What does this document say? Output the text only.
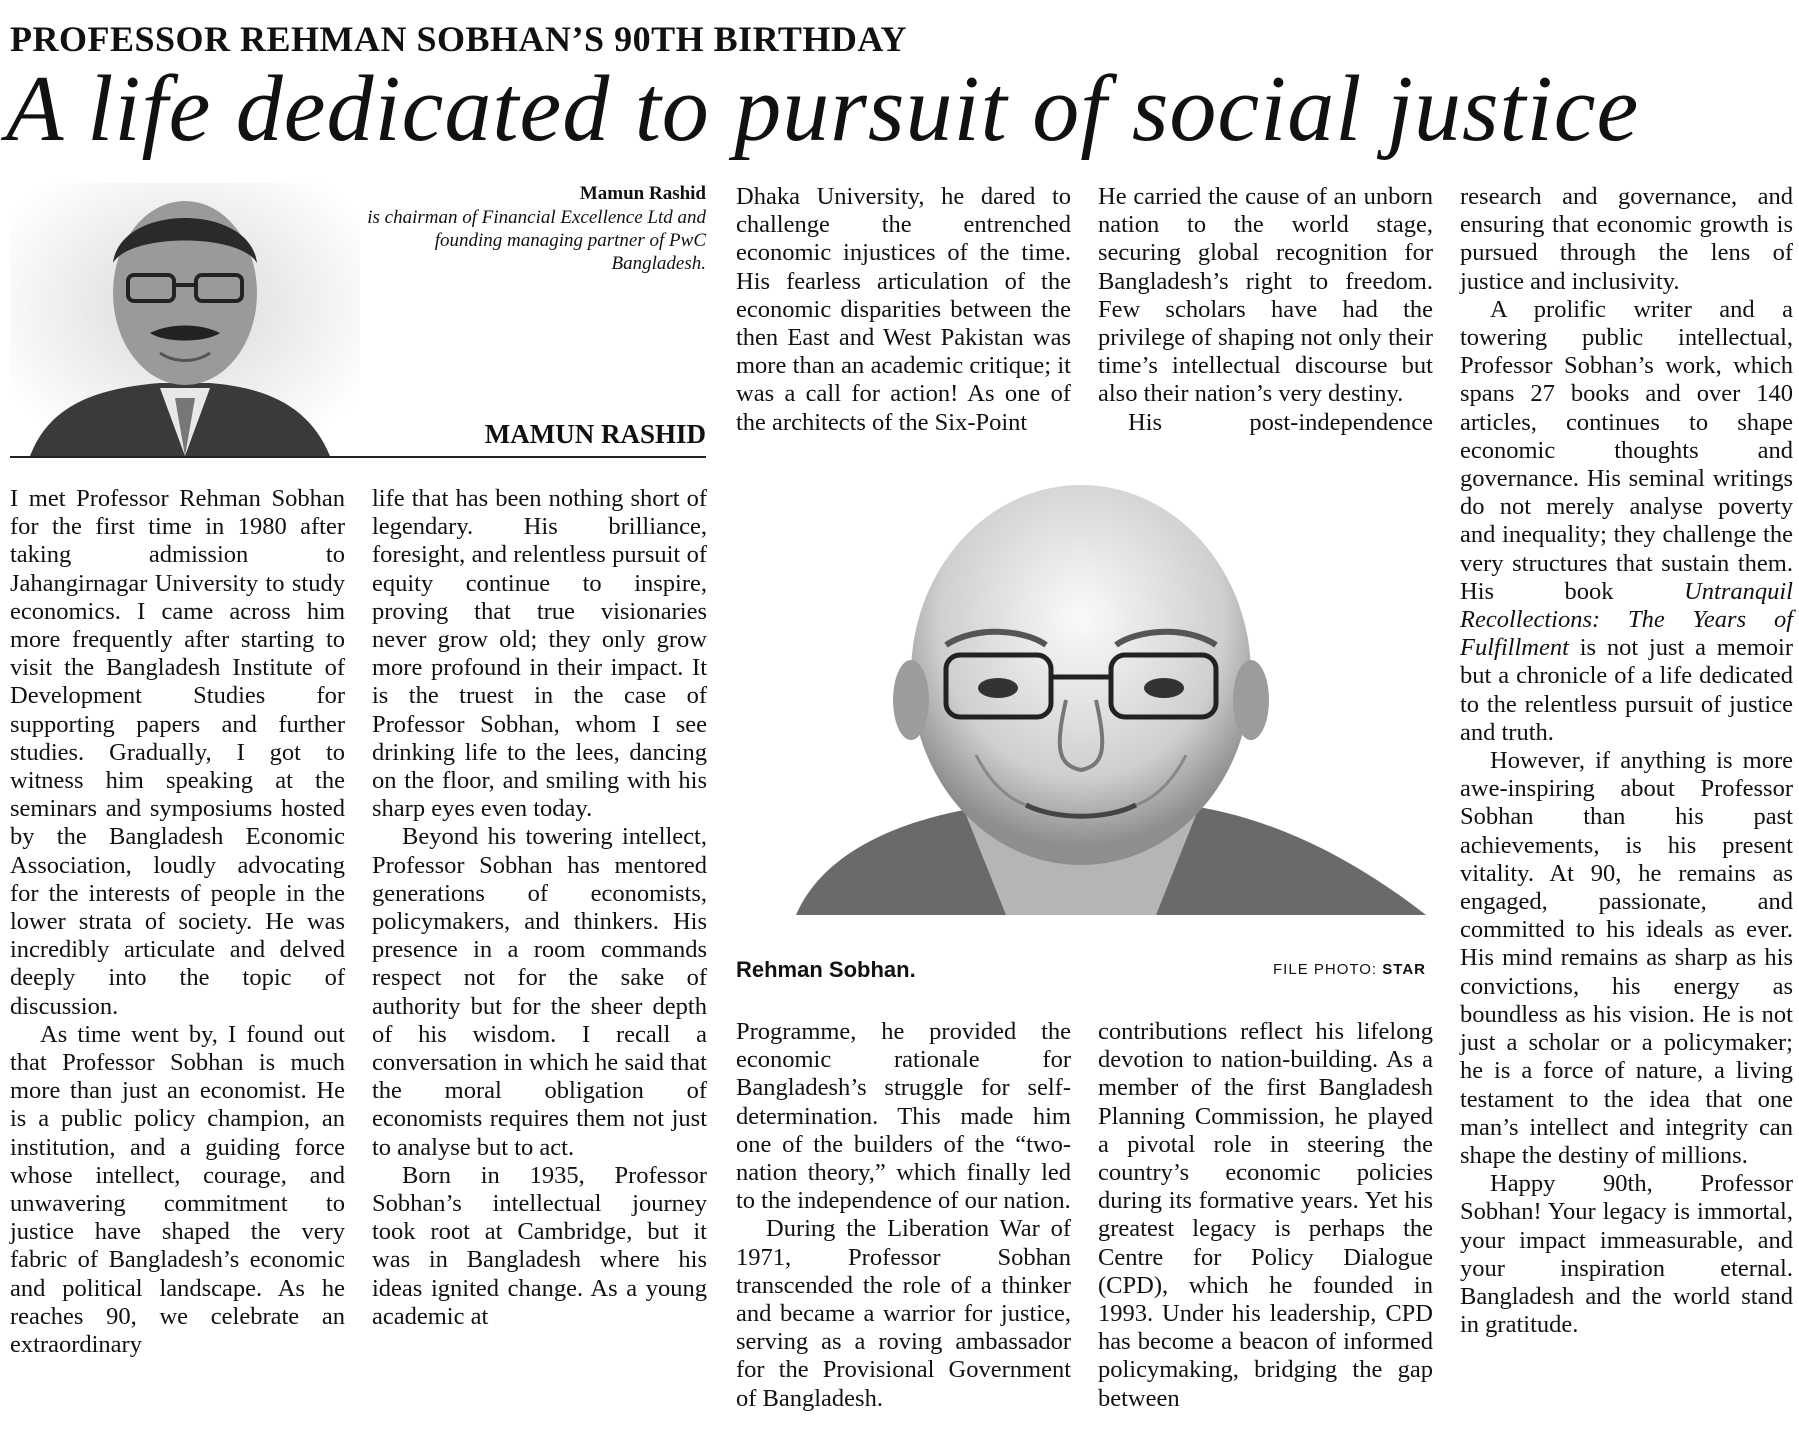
PROFESSOR REHMAN SOBHAN’S 90TH BIRTHDAY
A life dedicated to pursuit of social justice

Mamun Rashid

is chairman of Financial Excellence Ltd and founding managing partner of PwC Bangladesh.

MAMUN RASHID

I met Professor Rehman Sobhan for the first time in 1980 after taking admission to Jahangirnagar University to study economics. I came across him more frequently after starting to visit the Bangladesh Institute of Development Studies for supporting papers and further studies. Gradually, I got to witness him speaking at the seminars and symposiums hosted by the Bangladesh Economic Association, loudly advocating for the interests of people in the lower strata of society. He was incredibly articulate and delved deeply into the topic of discussion.

As time went by, I found out that Professor Sobhan is much more than just an economist. He is a public policy champion, an institution, and a guiding force whose intellect, courage, and unwavering commitment to justice have shaped the very fabric of Bangladesh’s economic and political landscape. As he reaches 90, we celebrate an extraordinary

life that has been nothing short of legendary. His brilliance, foresight, and relentless pursuit of equity continue to inspire, proving that true visionaries never grow old; they only grow more profound in their impact. It is the truest in the case of Professor Sobhan, whom I see drinking life to the lees, dancing on the floor, and smiling with his sharp eyes even today.

Beyond his towering intellect, Professor Sobhan has mentored generations of economists, policymakers, and thinkers. His presence in a room commands respect not for the sake of authority but for the sheer depth of his wisdom. I recall a conversation in which he said that the moral obligation of economists requires them not just to analyse but to act.

Born in 1935, Professor Sobhan’s intellectual journey took root at Cambridge, but it was in Bangladesh where his ideas ignited change. As a young academic at

Dhaka University, he dared to challenge the entrenched economic injustices of the time. His fearless articulation of the economic disparities between the then East and West Pakistan was more than an academic critique; it was a call for action! As one of the architects of the Six-Point

He carried the cause of an unborn nation to the world stage, securing global recognition for Bangladesh’s right to freedom. Few scholars have had the privilege of shaping not only their time’s intellectual discourse but also their nation’s very destiny.

His post-independence

Rehman Sobhan.	FILE PHOTO: STAR

Programme, he provided the economic rationale for Bangladesh’s struggle for self-determination. This made him one of the builders of the “two-nation theory,” which finally led to the independence of our nation.

During the Liberation War of 1971, Professor Sobhan transcended the role of a thinker and became a warrior for justice, serving as a roving ambassador for the Provisional Government of Bangladesh.

contributions reflect his lifelong devotion to nation-building. As a member of the first Bangladesh Planning Commission, he played a pivotal role in steering the country’s economic policies during its formative years. Yet his greatest legacy is perhaps the Centre for Policy Dialogue (CPD), which he founded in 1993. Under his leadership, CPD has become a beacon of informed policymaking, bridging the gap between

research and governance, and ensuring that economic growth is pursued through the lens of justice and inclusivity.

A prolific writer and a towering public intellectual, Professor Sobhan’s work, which spans 27 books and over 140 articles, continues to shape economic thoughts and governance. His seminal writings do not merely analyse poverty and inequality; they challenge the very structures that sustain them. His book	Untranquil Recollections: The Years of Fulfillment is not just a memoir but a chronicle of a life dedicated to the relentless pursuit of justice and truth.

However, if anything is more awe-inspiring about Professor Sobhan than his past achievements, is his present vitality. At 90, he remains as engaged, passionate, and committed to his ideals as ever. His mind remains as sharp as his convictions, his energy as boundless as his vision. He is not just a scholar or a policymaker; he is a force of nature, a living testament to the idea that one man’s intellect and integrity can shape the destiny of millions.

Happy 90th, Professor Sobhan! Your legacy is immortal, your impact immeasurable, and your inspiration eternal. Bangladesh and the world stand in gratitude.
